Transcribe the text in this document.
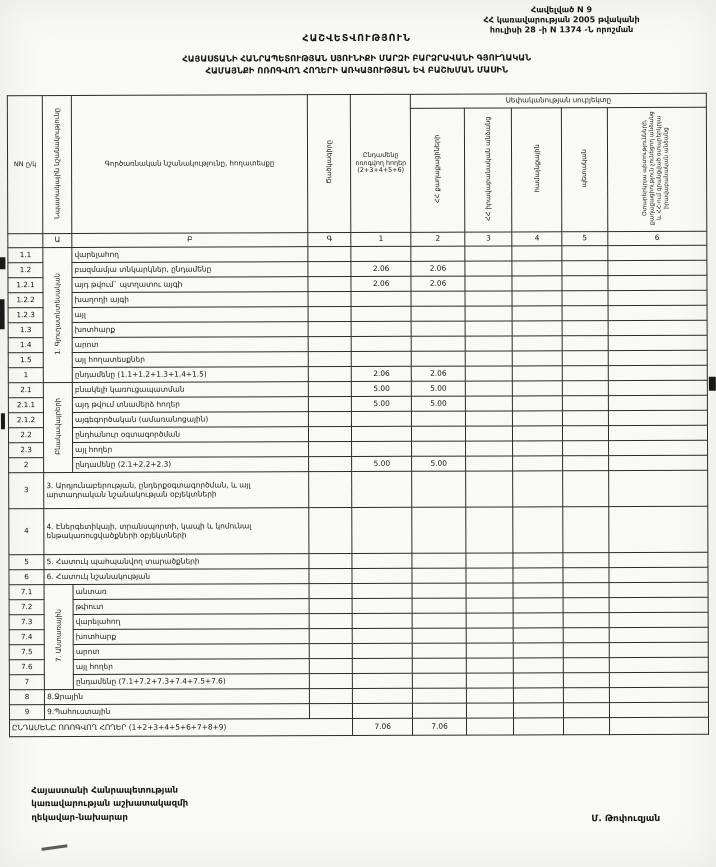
Հավելված N 9
ՀՀ կառավարության 2005 թվականի
հուլիսի 28 -ի N 1374 -Ն որոշման
ՀԱՇՎԵՏՎՈՒԹՅՈՒՆ
ՀԱՅԱՍՏԱՆԻ ՀԱՆՐԱՊԵՏՈՒԹՅԱՆ ՍՅՈՒՆԻՔԻ ՄԱՐԶԻ ԲԱՐՁՐԱՎԱՆԻ ԳՅՈՒՂԱԿԱՆ
ՀԱՄԱՅՆՔԻ ՈՌՈԳՎՈՂ ՀՈՂԵՐԻ ԱՌԿԱՅՈՒԹՅԱՆ ԵՎ ԲԱՇԽՄԱՆ ՄԱՍԻՆ
NN ը/կ	Նպատակային նշանակությունը	Գործառնական նշանակությունը, հողատեսքը	Ծածկագիրը	Ընդամենը ոռոգվող հողեր (2+3+4+5+6)	Սեփականության սուբյեկտը				
					ՀՀ քաղաքացիների	ՀՀ իրավաբանական անձանց	համայնքային	պետական	Օտարերկրյա պետությունների, քաղաքացիություն չունեցող անձանց և ՀՀ-ում գրանցված օտարերկրյա իրավաբանական անձանց
	Ա	Բ	Գ	1	2	3	4	5	6
1.1	1. Գյուղատնտեսական	վարելահող							
1.2		բազմամյա տնկարկներ, ընդամենը		2.06	2.06				
1.2.1		այդ թվում` պտղատու այգի		2.06	2.06				
1.2.2		խաղողի այգի							
1.2.3		այլ							
1.3		խոտհարք							
1.4		արոտ							
1.5		այլ հողատեսքներ							
1		ընդամենը (1.1+1.2+1.3+1.4+1.5)		2.06	2.06				
2.1	Բնակավայրերի	բնակելի կառուցապատման		5.00	5.00				
2.1.1		այդ թվում տնամերձ հողեր		5.00	5.00				
2.1.2		այգեգործական (ամառանոցային)							
2.2		ընդհանուր օգտագործման							
2.3		այլ հողեր							
2		ընդամենը (2.1+2.2+2.3)		5.00	5.00				
3	3. Արդյունաբերության, ընդերքօգտագործման, և այլ արտադրական նշանակության օբյեկտների								
4	4. Էներգետիկայի, տրանսպորտի, կապի և կոմունալ ենթակառուցվածքների օբյեկտների								
5	5. Հատուկ պահպանվող տարածքների								
6	6. Հատուկ նշանակության								
7.1	7. Անտառային	անտառ							
7.2		թփուտ							
7.3		վարելահող							
7.4		խոտհարք							
7.5		արոտ							
7.6		այլ հողեր							
7		ընդամենը (7.1+7.2+7.3+7.4+7.5+7.6)							
8	8.Ջրային								
9	9.Պահուստային								
ԸՆԴԱՄԵՆԸ ՈՌՈԳՎՈՂ ՀՈՂԵՐ (1+2+3+4+5+6+7+8+9)				7.06	7.06				
Հայաստանի Հանրապետության
կառավարության աշխատակազմի
ղեկավար-նախարար	Մ. Թոփուզյան
